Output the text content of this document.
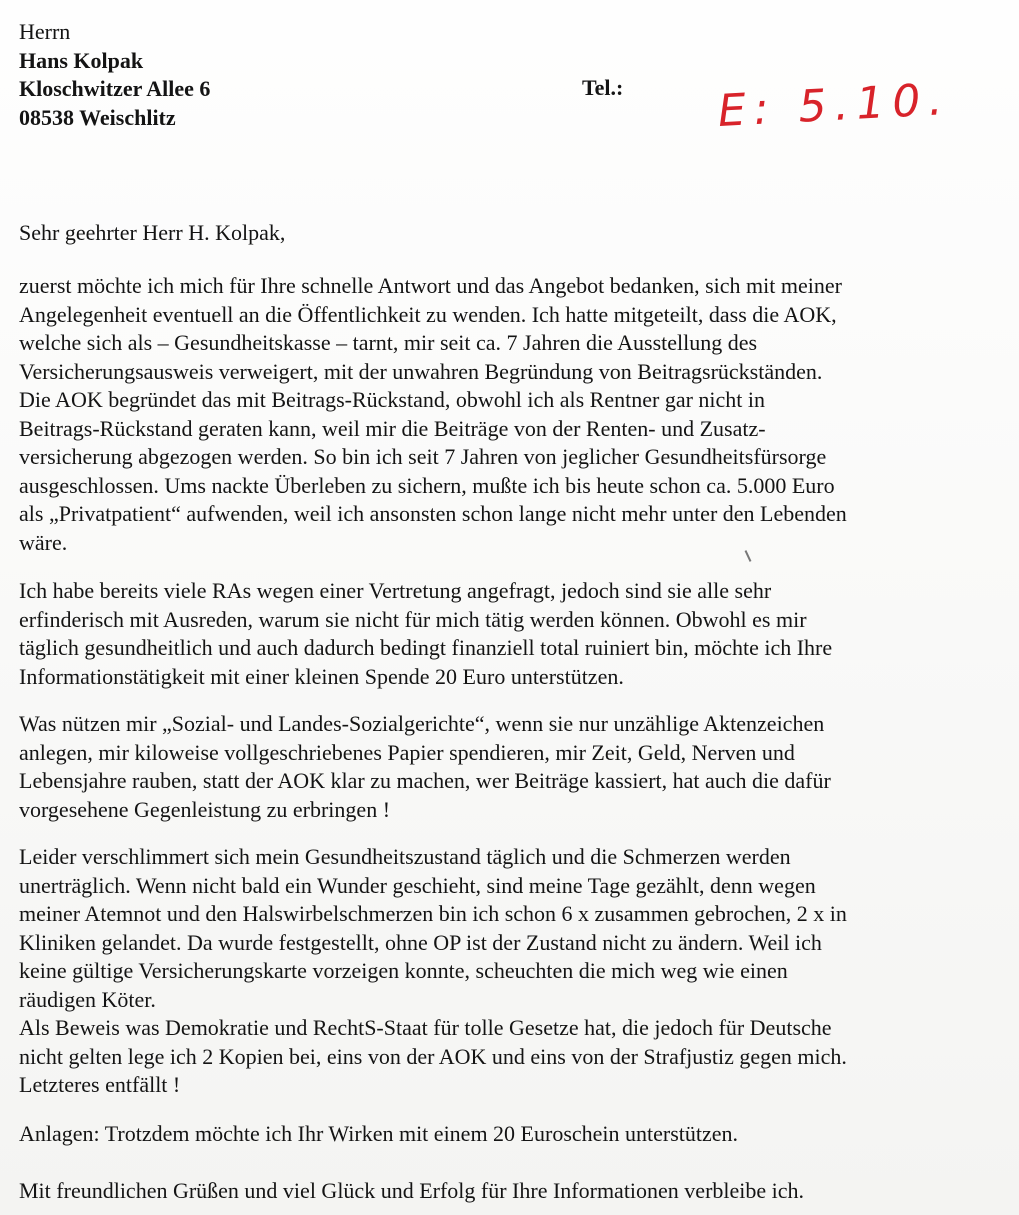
Herrn
Hans Kolpak
Kloschwitzer Allee 6
08538 Weischlitz
Tel.: E: 5.10.
Sehr geehrter Herr H. Kolpak,
zuerst möchte ich mich für Ihre schnelle Antwort und das Angebot bedanken, sich mit meiner
Angelegenheit eventuell an die Öffentlichkeit zu wenden. Ich hatte mitgeteilt, dass die AOK,
welche sich als – Gesundheitskasse – tarnt, mir seit ca. 7 Jahren die Ausstellung des
Versicherungsausweis verweigert, mit der unwahren Begründung von Beitragsrückständen.
Die AOK begründet das mit Beitrags-Rückstand, obwohl ich als Rentner gar nicht in
Beitrags-Rückstand geraten kann, weil mir die Beiträge von der Renten- und Zusatz-
versicherung abgezogen werden. So bin ich seit 7 Jahren von jeglicher Gesundheitsfürsorge
ausgeschlossen. Ums nackte Überleben zu sichern, mußte ich bis heute schon ca. 5.000 Euro
als „Privatpatient“ aufwenden, weil ich ansonsten schon lange nicht mehr unter den Lebenden
wäre.
Ich habe bereits viele RAs wegen einer Vertretung angefragt, jedoch sind sie alle sehr
erfinderisch mit Ausreden, warum sie nicht für mich tätig werden können. Obwohl es mir
täglich gesundheitlich und auch dadurch bedingt finanziell total ruiniert bin, möchte ich Ihre
Informationstätigkeit mit einer kleinen Spende 20 Euro unterstützen.
Was nützen mir „Sozial- und Landes-Sozialgerichte“, wenn sie nur unzählige Aktenzeichen
anlegen, mir kiloweise vollgeschriebenes Papier spendieren, mir Zeit, Geld, Nerven und
Lebensjahre rauben, statt der AOK klar zu machen, wer Beiträge kassiert, hat auch die dafür
vorgesehene Gegenleistung zu erbringen !
Leider verschlimmert sich mein Gesundheitszustand täglich und die Schmerzen werden
unerträglich. Wenn nicht bald ein Wunder geschieht, sind meine Tage gezählt, denn wegen
meiner Atemnot und den Halswirbelschmerzen bin ich schon 6 x zusammen gebrochen, 2 x in
Kliniken gelandet. Da wurde festgestellt, ohne OP ist der Zustand nicht zu ändern. Weil ich
keine gültige Versicherungskarte vorzeigen konnte, scheuchten die mich weg wie einen
räudigen Köter.
Als Beweis was Demokratie und RechtS-Staat für tolle Gesetze hat, die jedoch für Deutsche
nicht gelten lege ich 2 Kopien bei, eins von der AOK und eins von der Strafjustiz gegen mich.
Letzteres entfällt !
Anlagen: Trotzdem möchte ich Ihr Wirken mit einem 20 Euroschein unterstützen.
Mit freundlichen Grüßen und viel Glück und Erfolg für Ihre Informationen verbleibe ich.
